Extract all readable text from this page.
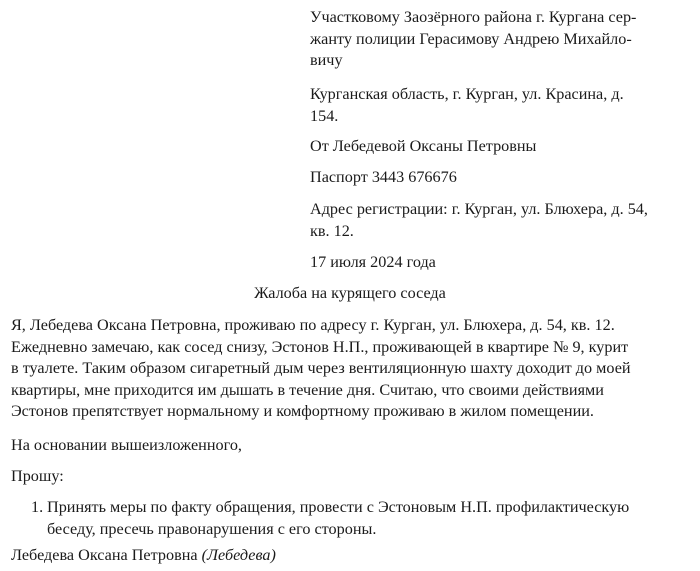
Участковому Заозёрного района г. Кургана сер-
жанту полиции Герасимову Андрею Михайло-
вичу
Курганская область, г. Курган, ул. Красина, д.
154.
От Лебедевой Оксаны Петровны
Паспорт 3443 676676
Адрес регистрации: г. Курган, ул. Блюхера, д. 54,
кв. 12.
17 июля 2024 года
Жалоба на курящего соседа
Я, Лебедева Оксана Петровна, проживаю по адресу г. Курган, ул. Блюхера, д. 54, кв. 12.
Ежедневно замечаю, как сосед снизу, Эстонов Н.П., проживающей в квартире № 9, курит
в туалете. Таким образом сигаретный дым через вентиляционную шахту доходит до моей
квартиры, мне приходится им дышать в течение дня. Считаю, что своими действиями
Эстонов препятствует нормальному и комфортному проживаю в жилом помещении.
На основании вышеизложенного,
Прошу:
1. Принять меры по факту обращения, провести с Эстоновым Н.П. профилактическую
беседу, пресечь правонарушения с его стороны.
Лебедева Оксана Петровна (Лебедева)
